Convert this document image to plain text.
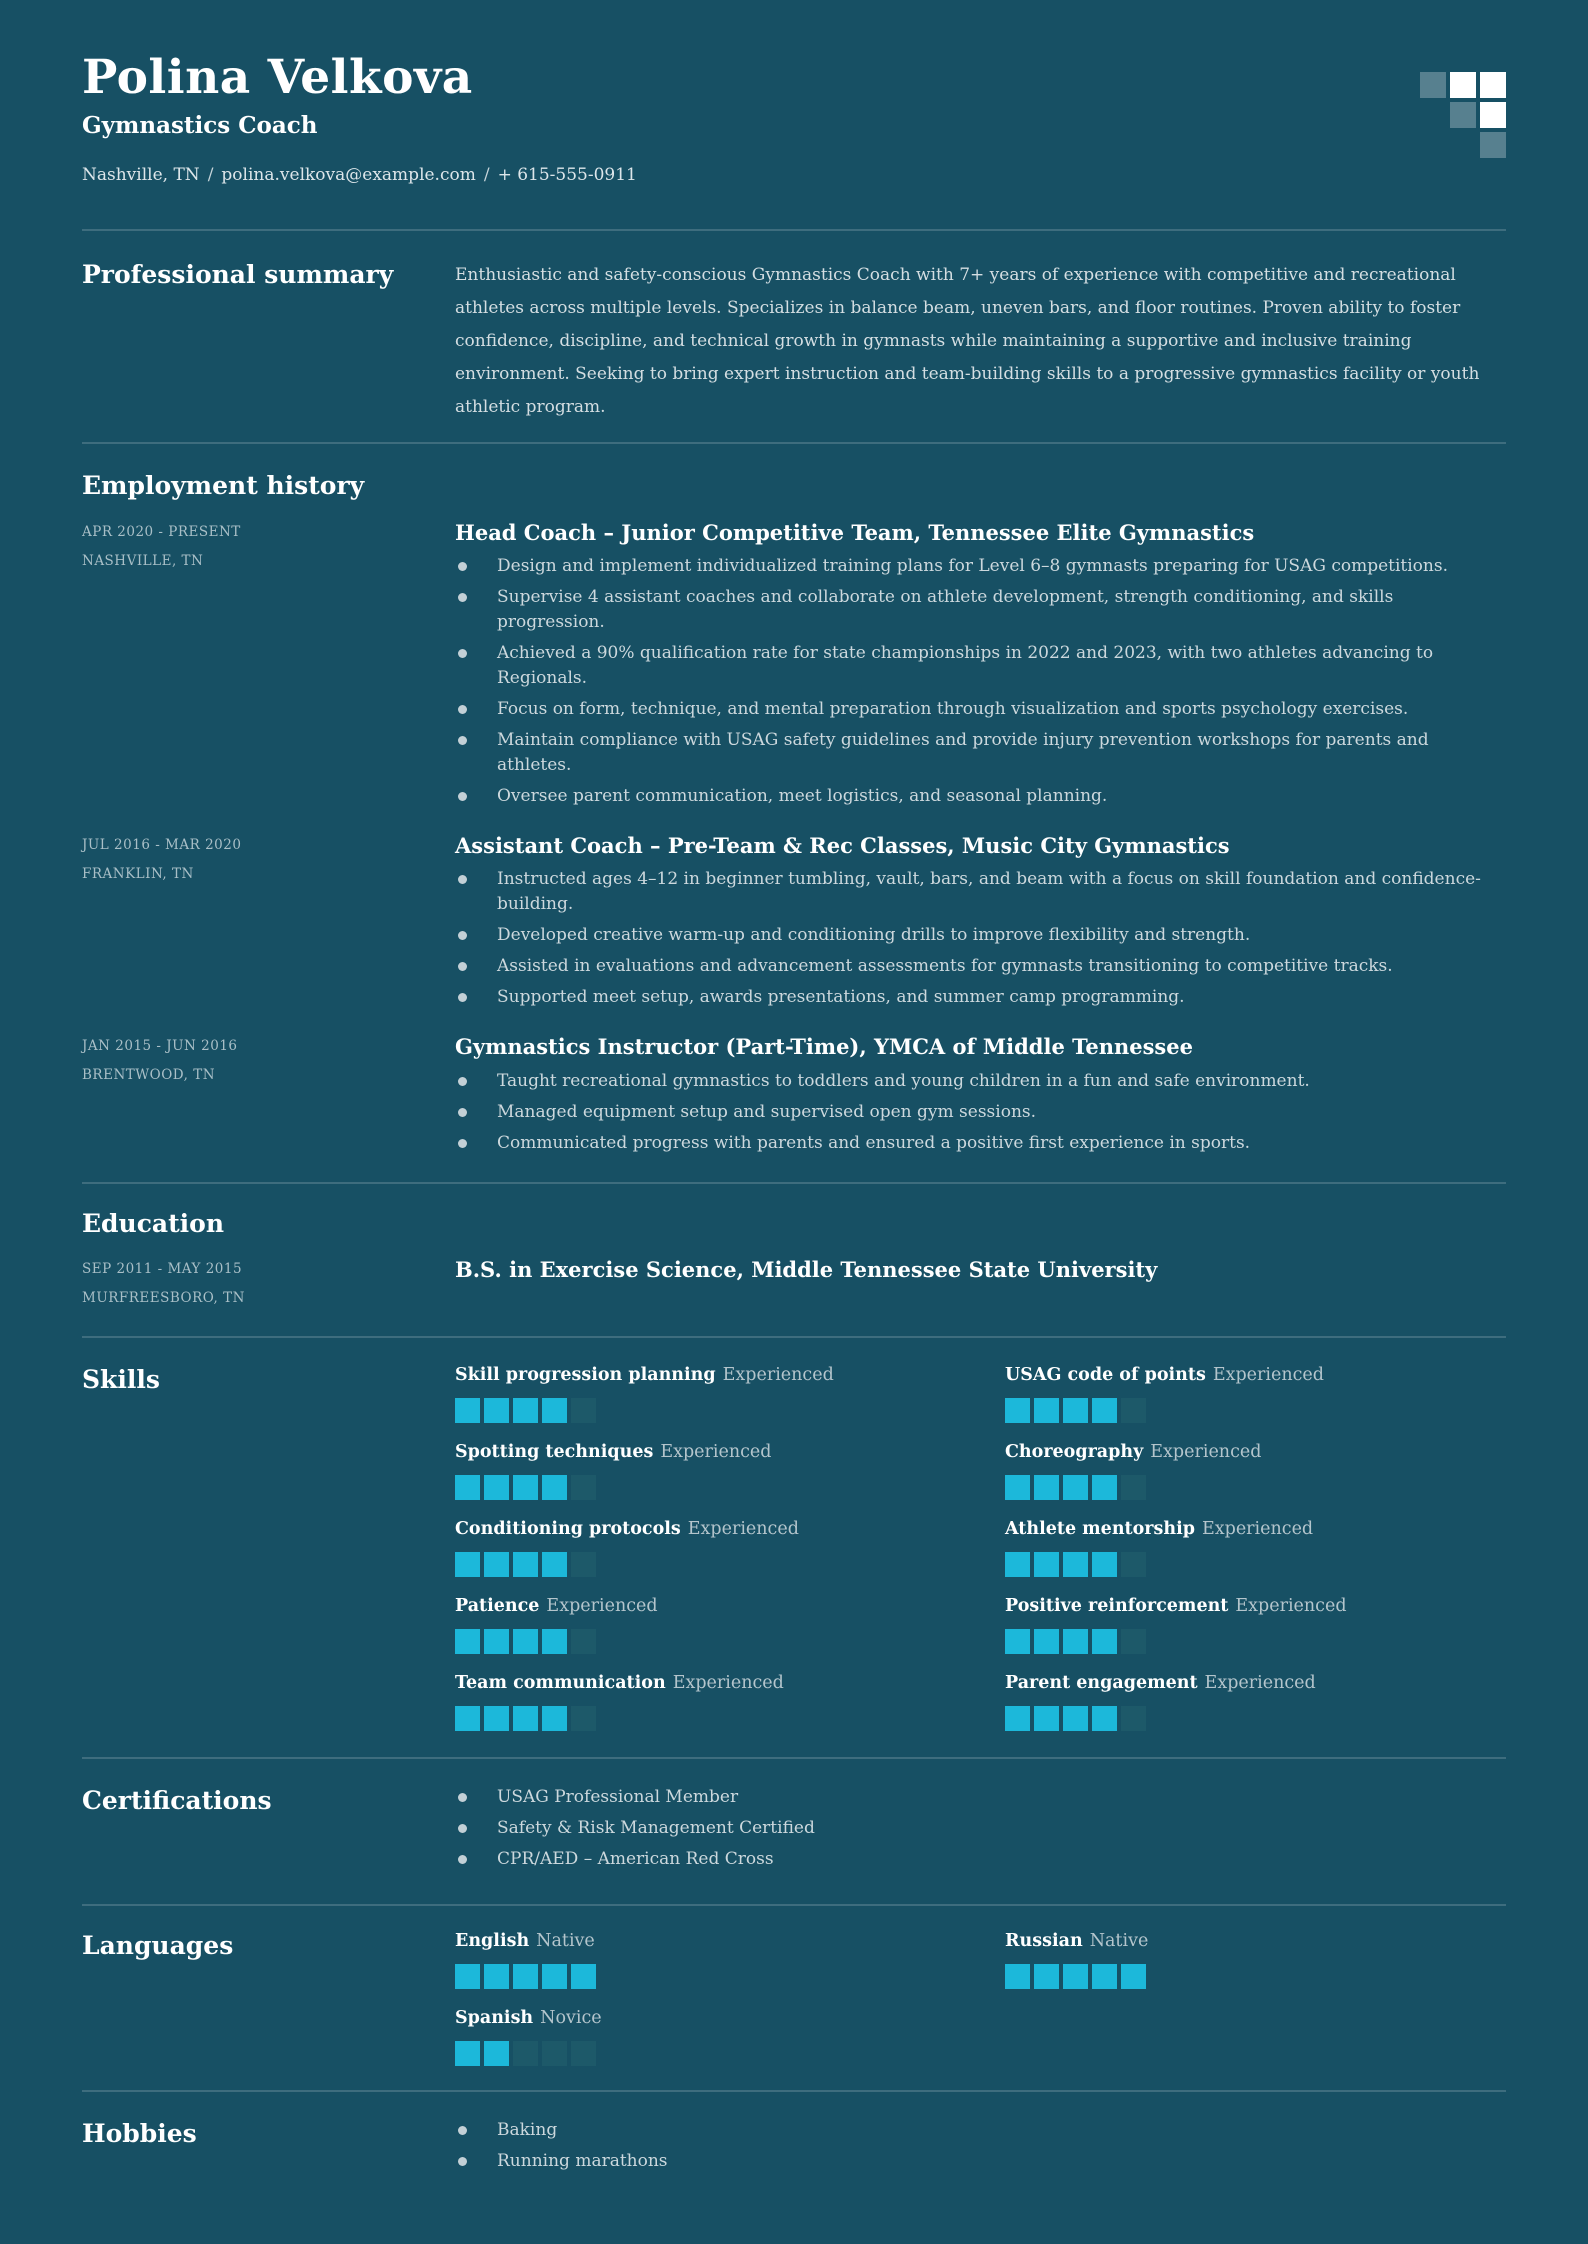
Polina Velkova
Gymnastics Coach
Nashville, TN / polina.velkova@example.com / + 615-555-0911
Professional summary	Enthusiastic and safety-conscious Gymnastics Coach with 7+ years of experience with competitive and recreational athletes across multiple levels. Specializes in balance beam, uneven bars, and floor routines. Proven ability to foster confidence, discipline, and technical growth in gymnasts while maintaining a supportive and inclusive training environment. Seeking to bring expert instruction and team-building skills to a progressive gymnastics facility or youth athletic program.

Employment history
APR 2020 - PRESENT
NASHVILLE, TN
Head Coach – Junior Competitive Team, Tennessee Elite Gymnastics
Design and implement individualized training plans for Level 6–8 gymnasts preparing for USAG competitions.
Supervise 4 assistant coaches and collaborate on athlete development, strength conditioning, and skills progression.
Achieved a 90% qualification rate for state championships in 2022 and 2023, with two athletes advancing to Regionals.
Focus on form, technique, and mental preparation through visualization and sports psychology exercises.
Maintain compliance with USAG safety guidelines and provide injury prevention workshops for parents and athletes.
Oversee parent communication, meet logistics, and seasonal planning.
JUL 2016 - MAR 2020
FRANKLIN, TN
Assistant Coach – Pre-Team & Rec Classes, Music City Gymnastics
Instructed ages 4–12 in beginner tumbling, vault, bars, and beam with a focus on skill foundation and confidence-building.
Developed creative warm-up and conditioning drills to improve flexibility and strength.
Assisted in evaluations and advancement assessments for gymnasts transitioning to competitive tracks.
Supported meet setup, awards presentations, and summer camp programming.
JAN 2015 - JUN 2016
BRENTWOOD, TN
Gymnastics Instructor (Part-Time), YMCA of Middle Tennessee
Taught recreational gymnastics to toddlers and young children in a fun and safe environment.
Managed equipment setup and supervised open gym sessions.
Communicated progress with parents and ensured a positive first experience in sports.
Education
SEP 2011 - MAY 2015
MURFREESBORO, TN
B.S. in Exercise Science, Middle Tennessee State University
Skills	Skill progression planning Experienced	USAG code of points Experienced
Spotting techniques Experienced	Choreography Experienced
Conditioning protocols Experienced	Athlete mentorship Experienced
Patience Experienced	Positive reinforcement Experienced
Team communication Experienced	Parent engagement Experienced
Certifications	USAG Professional Member
Safety & Risk Management Certified
CPR/AED – American Red Cross
Languages	English Native	Russian Native
Spanish Novice
Hobbies	Baking
Running marathons
